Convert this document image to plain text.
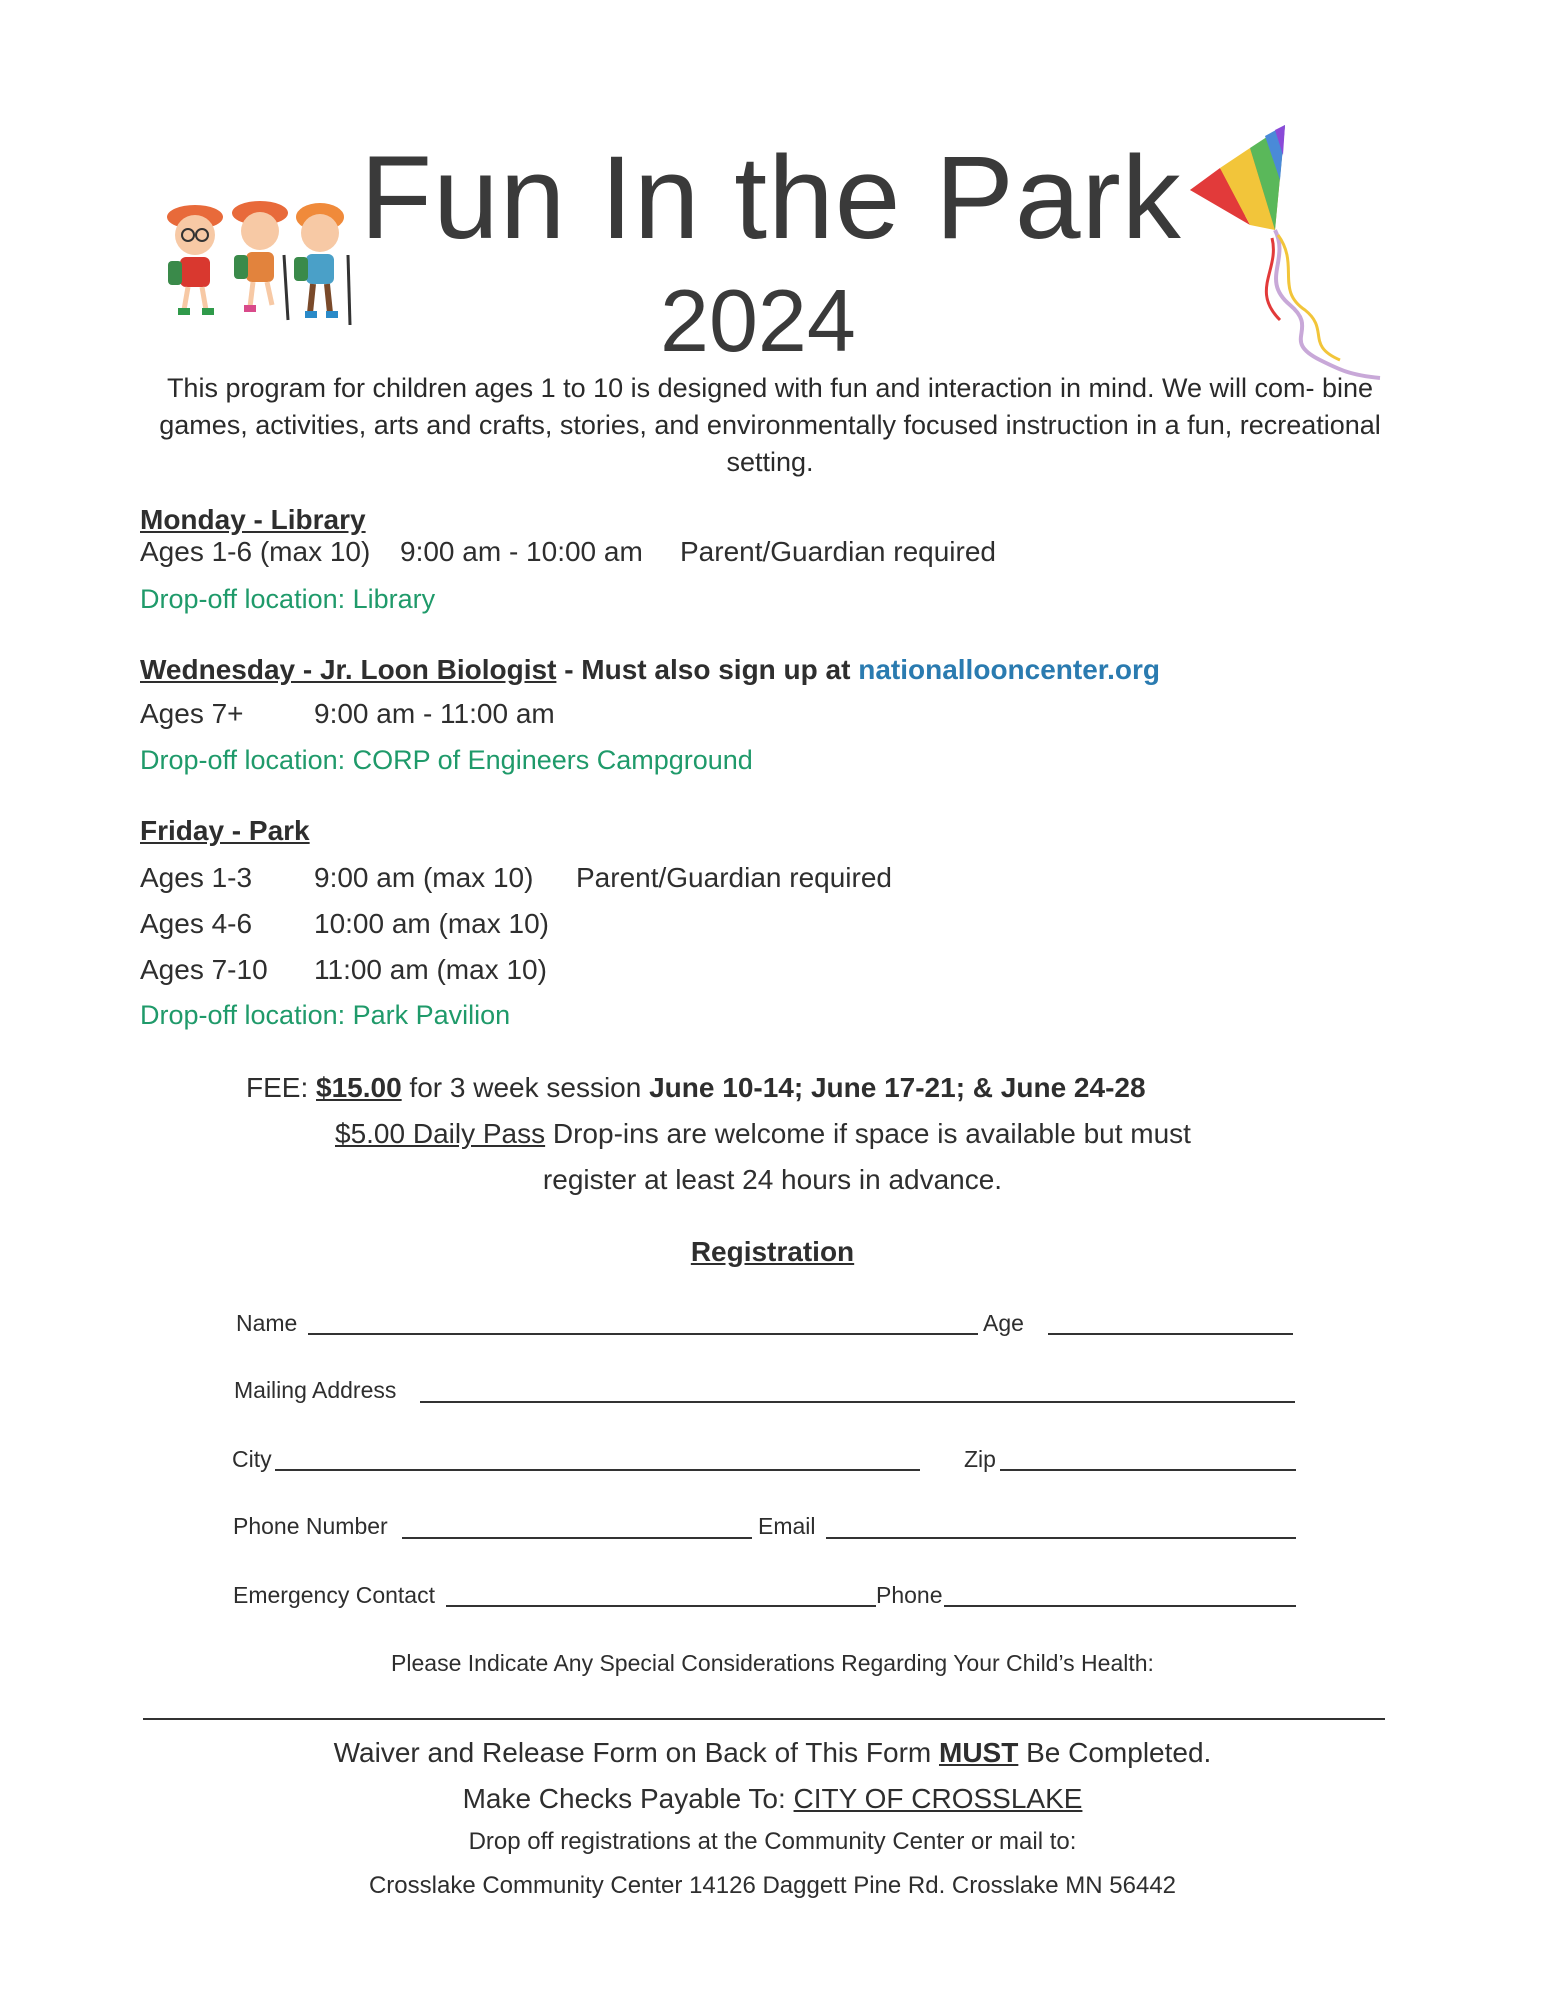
Fun In the Park
2024
This program for children ages 1 to 10 is designed with fun and interaction in mind. We will com- bine games, activities, arts and crafts, stories, and environmentally focused instruction in a fun, recreational setting.
Monday - Library
Ages 1-6 (max 10) 9:00 am - 10:00 am Parent/Guardian required
Drop-off location: Library
Wednesday - Jr. Loon Biologist - Must also sign up at nationallooncenter.org
Ages 7+	9:00 am - 11:00 am
Drop-off location: CORP of Engineers Campground
Friday - Park
Ages 1-3 9:00 am (max 10) Parent/Guardian required
Ages 4-6 10:00 am (max 10)
Ages 7-10 11:00 am (max 10)
Drop-off location: Park Pavilion
FEE: $15.00 for 3 week session June 10-14; June 17-21; & June 24-28
$5.00 Daily Pass Drop-ins are welcome if space is available but must
register at least 24 hours in advance.
Registration
Name	Age
Mailing Address
City	Zip
Phone Number	Email
Emergency Contact	Phone
Please Indicate Any Special Considerations Regarding Your Child’s Health:
Waiver and Release Form on Back of This Form MUST Be Completed.
Make Checks Payable To: CITY OF CROSSLAKE
Drop off registrations at the Community Center or mail to:
Crosslake Community Center 14126 Daggett Pine Rd. Crosslake MN 56442
